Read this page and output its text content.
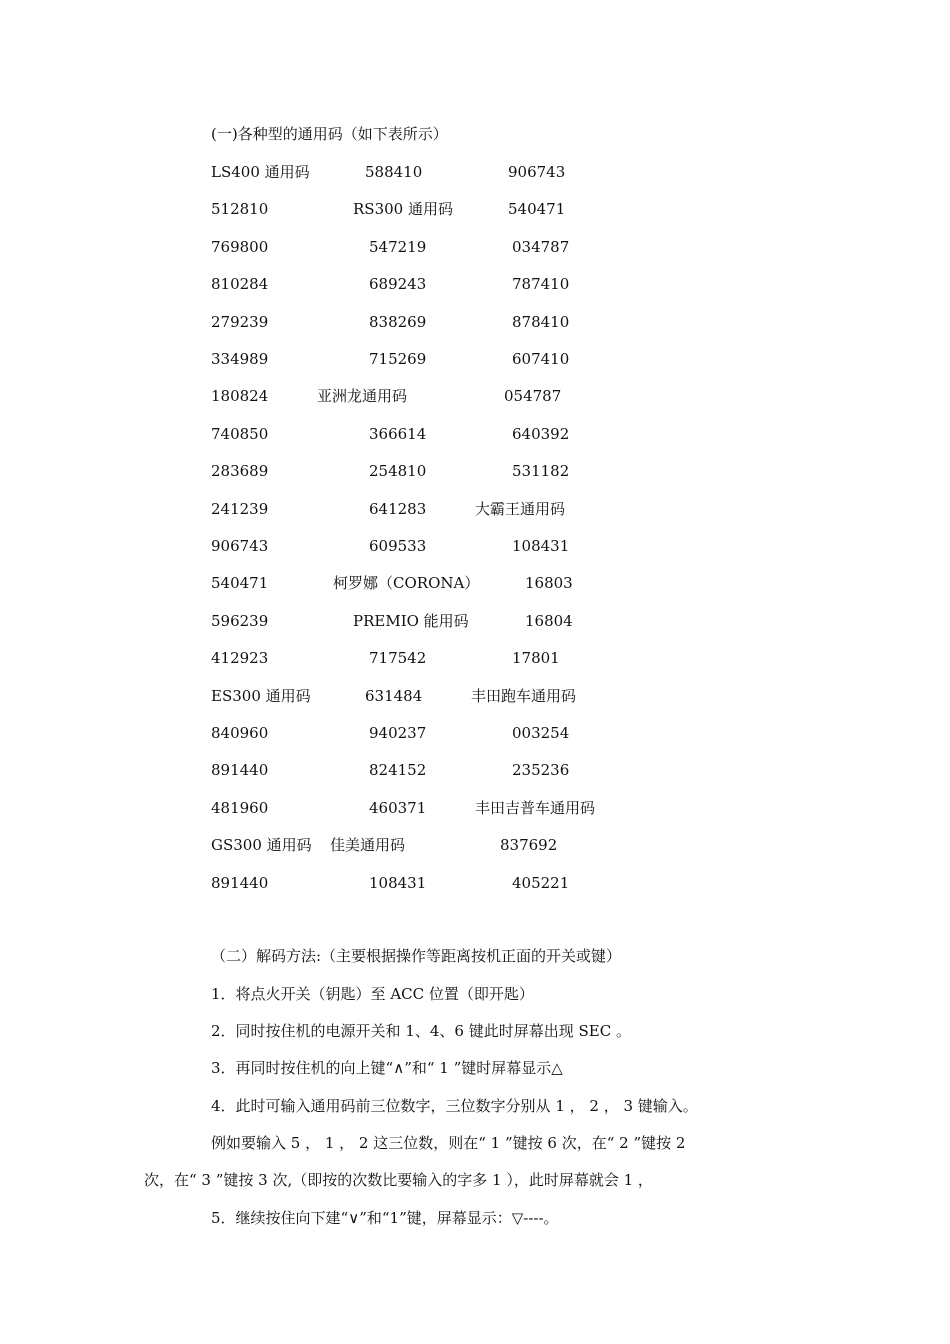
(一)各种型的通用码（如下表所示）
LS400 通用码	588410	906743
512810	RS300 通用码	540471
769800	547219	034787
810284	689243	787410
279239	838269	878410
334989	715269	607410
180824	亚洲龙通用码	054787
740850	366614	640392
283689	254810	531182
241239	641283	大霸王通用码
906743	609533	108431
540471	柯罗娜（CORONA）	16803
596239	PREMIO 能用码	16804
412923	717542	17801
ES300 通用码	631484	丰田跑车通用码
840960	940237	003254
891440	824152	235236
481960	460371	丰田吉普车通用码
GS300 通用码 佳美通用码	837692
891440	108431	405221
（二）解码方法:（主要根据操作等距离按机正面的开关或键）
1．将点火开关（钥匙）至 ACC 位置（即开匙）
2．同时按住机的电源开关和 1、4、6 键此时屏幕出现 SEC 。
3．再同时按住机的向上键“∧”和“ 1 ”键时屏幕显示△
4．此时可输入通用码前三位数字，三位数字分别从 1 ， 2 ， 3 键输入。
例如要输入 5 ， 1 ， 2 这三位数，则在“ 1 ”键按 6 次，在“ 2 ”键按 2
次，在“ 3 ”键按 3 次,（即按的次数比要输入的字多 1 ），此时屏幕就会 1 ，
5．继续按住向下建“∨”和“1”键，屏幕显示：▽----。
